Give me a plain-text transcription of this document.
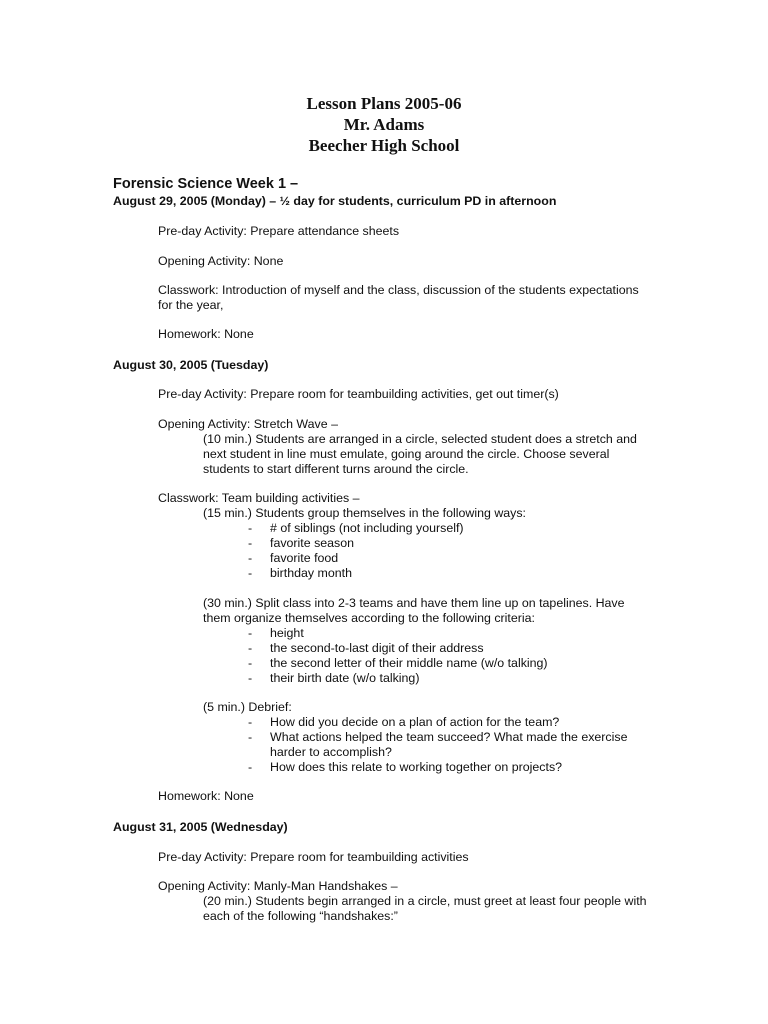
Lesson Plans 2005-06
Mr. Adams
Beecher High School
Forensic Science Week 1 –
August 29, 2005 (Monday) – ½ day for students, curriculum PD in afternoon
Pre-day Activity: Prepare attendance sheets
Opening Activity: None
Classwork: Introduction of myself and the class, discussion of the students expectations
for the year,
Homework: None
August 30, 2005 (Tuesday)
Pre-day Activity: Prepare room for teambuilding activities, get out timer(s)
Opening Activity: Stretch Wave –
(10 min.) Students are arranged in a circle, selected student does a stretch and
next student in line must emulate, going around the circle. Choose several
students to start different turns around the circle.
Classwork: Team building activities –
(15 min.) Students group themselves in the following ways:
- # of siblings (not including yourself)
- favorite season
- favorite food
- birthday month
(30 min.) Split class into 2-3 teams and have them line up on tapelines. Have
them organize themselves according to the following criteria:
- height
- the second-to-last digit of their address
- the second letter of their middle name (w/o talking)
- their birth date (w/o talking)
(5 min.) Debrief:
- How did you decide on a plan of action for the team?
- What actions helped the team succeed? What made the exercise
harder to accomplish?
- How does this relate to working together on projects?
Homework: None
August 31, 2005 (Wednesday)
Pre-day Activity: Prepare room for teambuilding activities
Opening Activity: Manly-Man Handshakes –
(20 min.) Students begin arranged in a circle, must greet at least four people with
each of the following “handshakes:”
